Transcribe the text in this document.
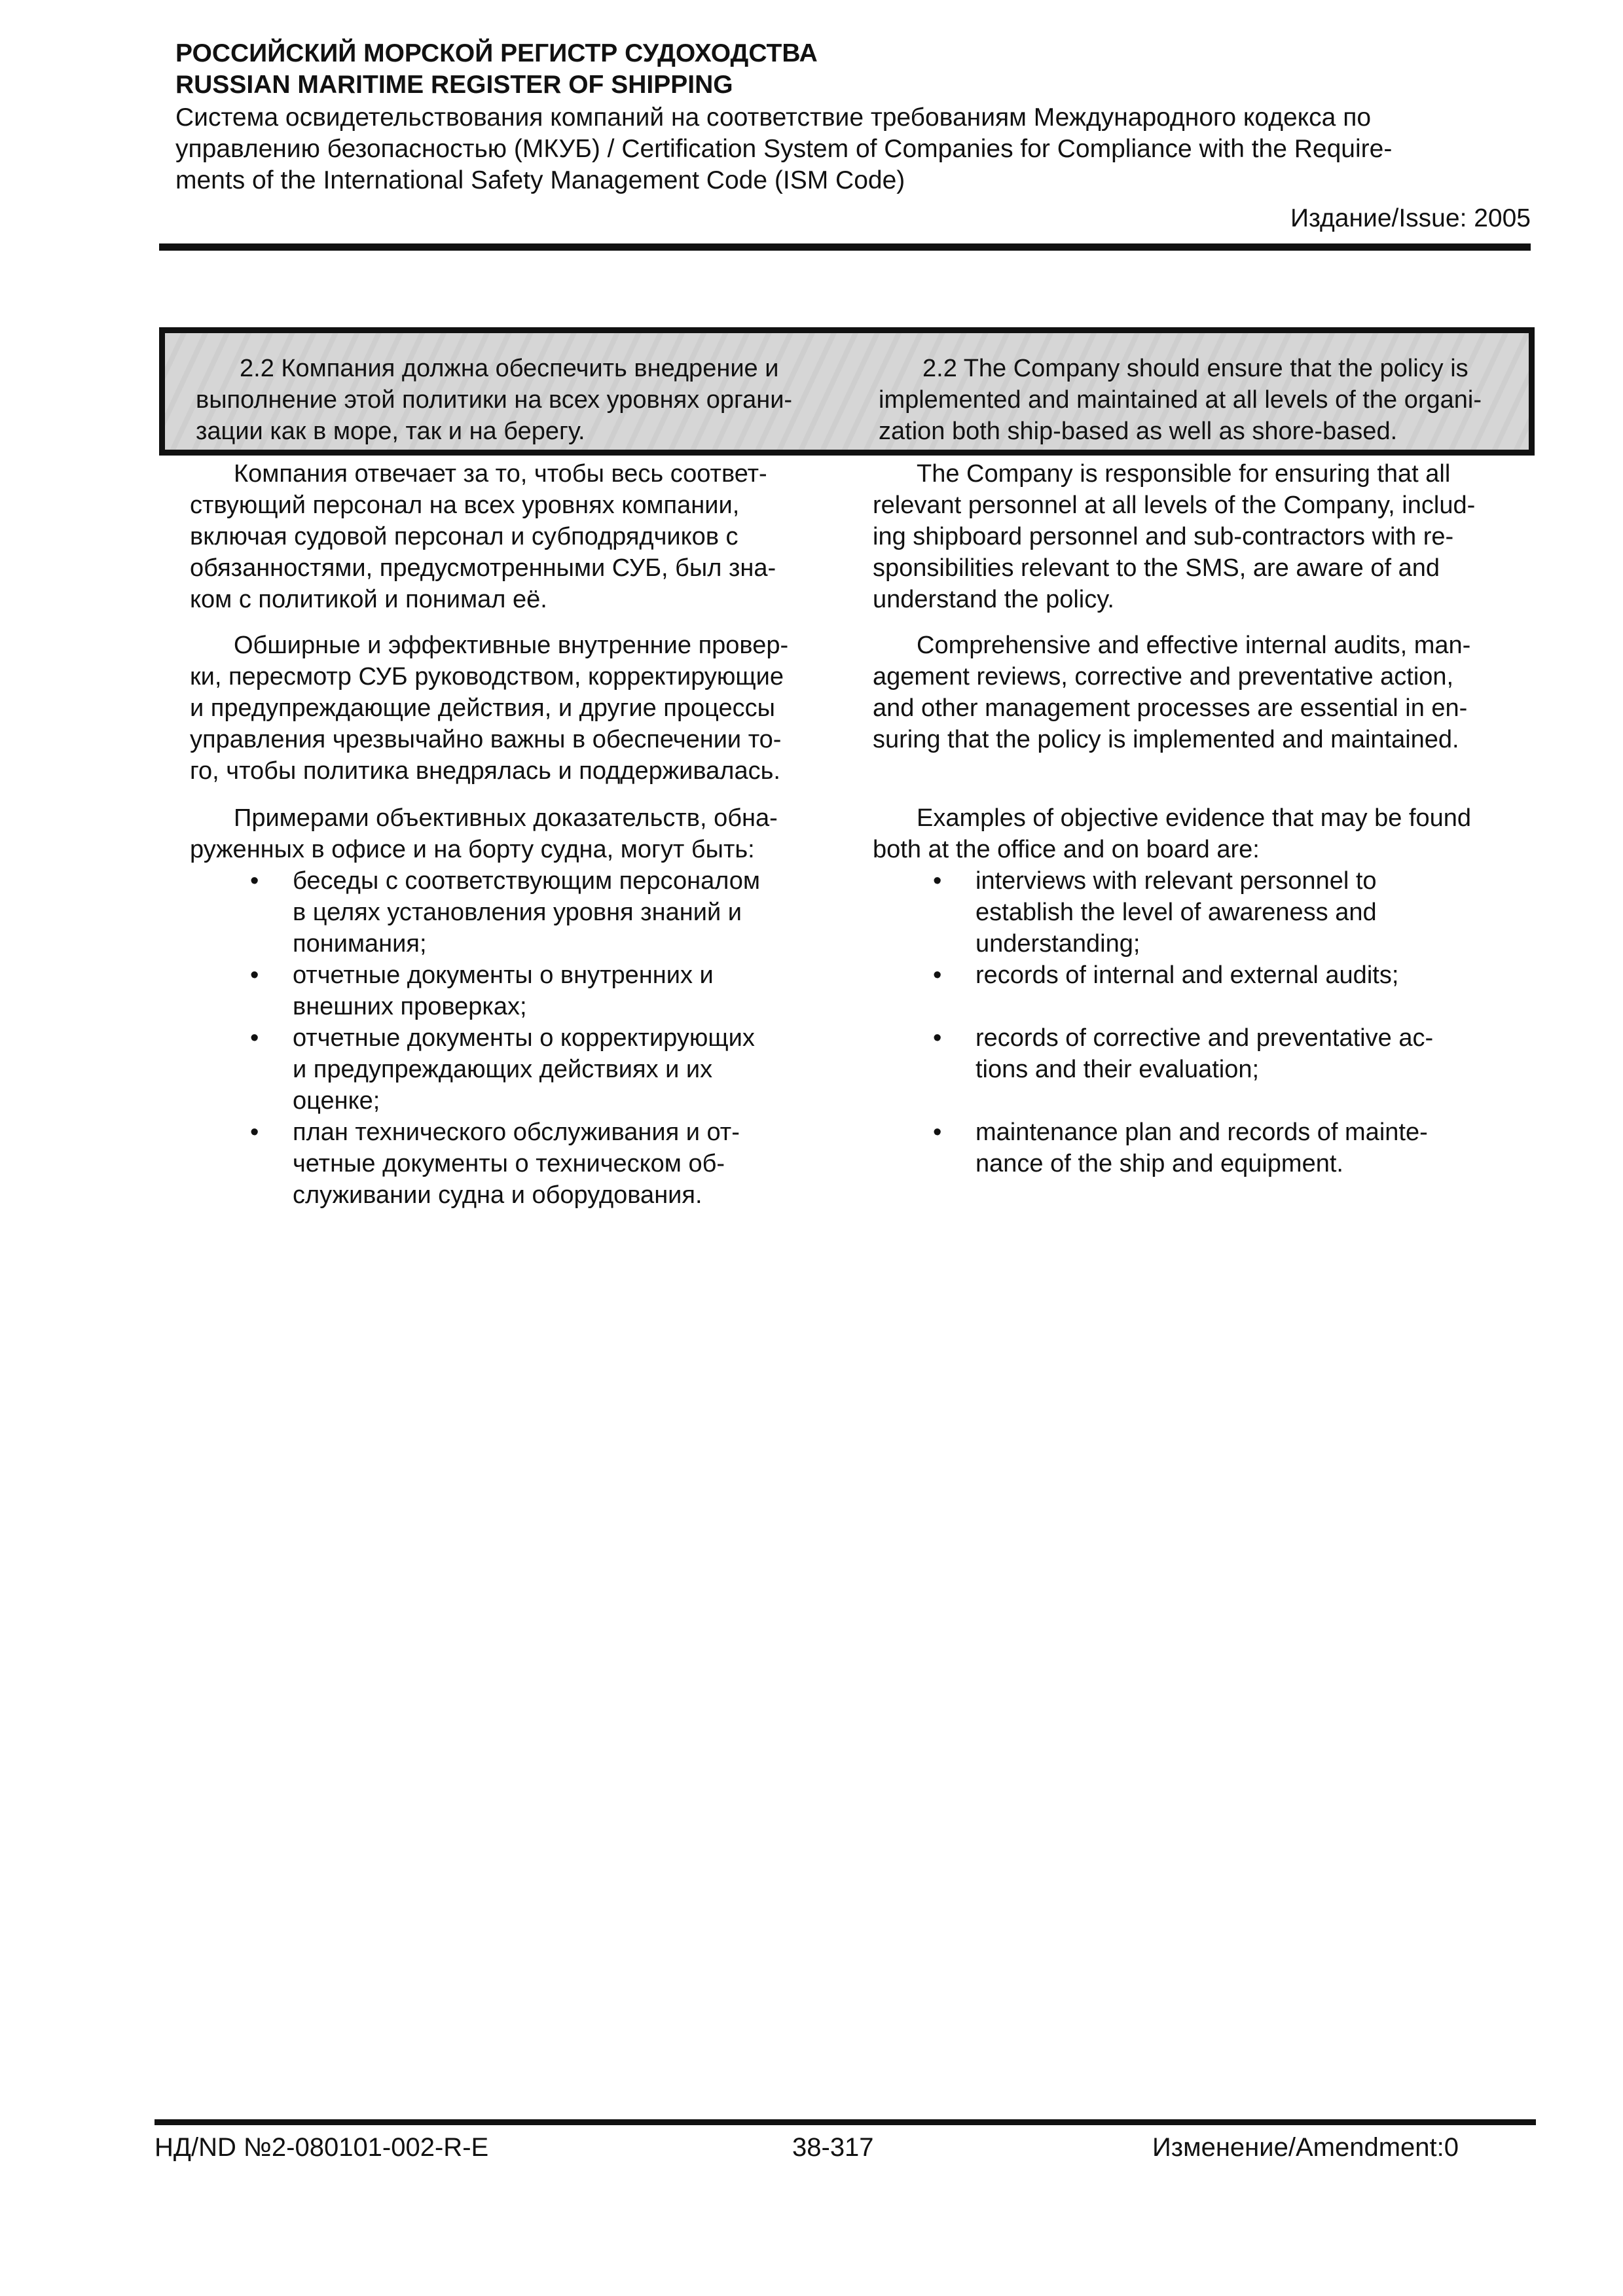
РОССИЙСКИЙ МОРСКОЙ РЕГИСТР СУДОХОДСТВА
RUSSIAN MARITIME REGISTER OF SHIPPING
Система освидетельствования компаний на соответствие требованиям Международного кодекса по
управлению безопасностью (МКУБ) / Certification System of Companies for Compliance with the Require-
ments of the International Safety Management Code (ISM Code)
Издание/Issue: 2005
2.2 Компания должна обеспечить внедрение и
выполнение этой политики на всех уровнях органи-
зации как в море, так и на берегу.
2.2 The Company should ensure that the policy is
implemented and maintained at all levels of the organi-
zation both ship-based as well as shore-based.

Компания отвечает за то, чтобы весь соответ-
ствующий персонал на всех уровнях компании,
включая судовой персонал и субподрядчиков с
обязанностями, предусмотренными СУБ, был зна-
ком с политикой и понимал её.

Обширные и эффективные внутренние провер-
ки, пересмотр СУБ руководством, корректирующие
и предупреждающие действия, и другие процессы
управления чрезвычайно важны в обеспечении то-
го, чтобы политика внедрялась и поддерживалась.

Примерами объективных доказательств, обна-
руженных в офисе и на борту судна, могут быть:

• беседы с соответствующим персоналом
в целях установления уровня знаний и
понимания;
• отчетные документы о внутренних и
внешних проверках;
• отчетные документы о корректирующих
и предупреждающих действиях и их
оценке;
• план технического обслуживания и от-
четные документы о техническом об-
служивании судна и оборудования.

The Company is responsible for ensuring that all
relevant personnel at all levels of the Company, includ-
ing shipboard personnel and sub-contractors with re-
sponsibilities relevant to the SMS, are aware of and
understand the policy.

Comprehensive and effective internal audits, man-
agement reviews, corrective and preventative action,
and other management processes are essential in en-
suring that the policy is implemented and maintained.

Examples of objective evidence that may be found
both at the office and on board are:

• interviews with relevant personnel to
establish the level of awareness and
understanding;
• records of internal and external audits;
• records of corrective and preventative ac-
tions and their evaluation;
• maintenance plan and records of mainte-
nance of the ship and equipment.
НД/ND №2-080101-002-R-E	38-317	Изменение/Amendment:0
